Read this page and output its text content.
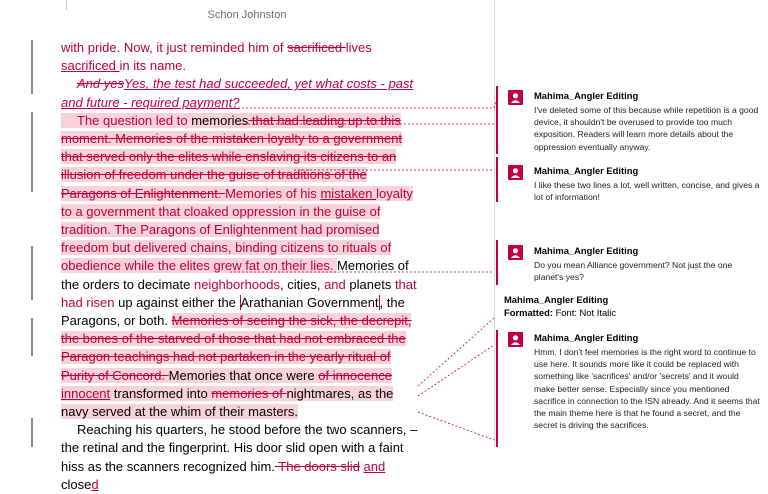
Schon Johnston

with pride. Now, it just reminded him of sacrificed lives sacrificed in its name.

And yesYes, the test had succeeded, yet what costs - past and future - required payment?

The question led to memories that had leading up to this moment. Memories of the mistaken loyalty to a government that served only the elites while enslaving its citizens to an illusion of freedom under the guise of traditions of the Paragons of Enlightenment. Memories of his mistaken loyalty to a government that cloaked oppression in the guise of tradition. The Paragons of Enlightenment had promised freedom but delivered chains, binding citizens to rituals of obedience while the elites grew fat on their lies. Memories of the orders to decimate neighborhoods, cities, and planets that had risen up against either the Arathanian Government, the Paragons, or both. Memories of seeing the sick, the decrepit, the bones of the starved of those that had not embraced the Paragon teachings had not partaken in the yearly ritual of Purity of Concord. Memories that once were of innocence innocent transformed into memories of nightmares, as the navy served at the whim of their masters.

Reaching his quarters, he stood before the two scanners, – the retinal and the fingerprint. His door slid open with a faint hiss as the scanners recognized him. The doors slid and closed

Mahima_Angler Editing
I've deleted some of this because while repetition is a good device, it shouldn't be overused to provide too much exposition. Readers will learn more details about the oppression eventually anyway.
Mahima_Angler Editing
I like these two lines a lot, well written, concise, and gives a lot of information!
Mahima_Angler Editing
Do you mean Alliance government? Not just the one planet's yes?
Mahima_Angler Editing
Formatted: Font: Not Italic
Mahima_Angler Editing
Hmm. I don't feel memories is the right word to continue to use here. It sounds more like it could be replaced with something like 'sacrifices' and/or 'secrets' and it would make better sense. Especially since you mentioned sacrifice in connection to the ISN already. And it seems that the main theme here is that he found a secret, and the secret is driving the sacrifices.
